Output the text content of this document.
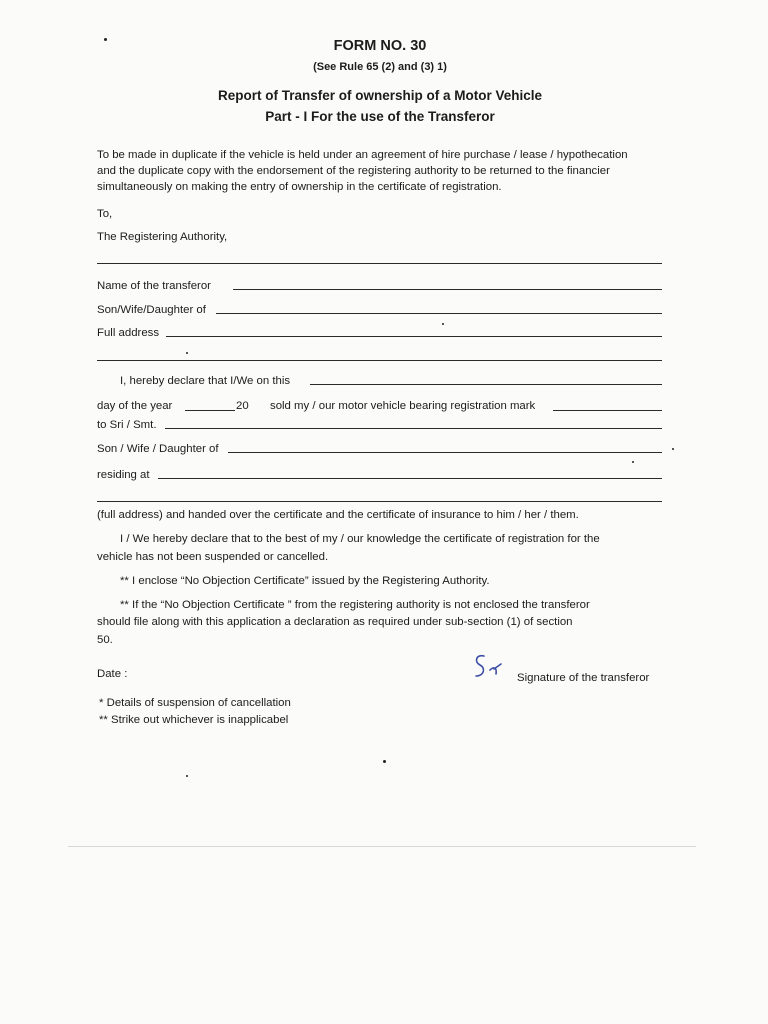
FORM NO. 30
(See Rule 65 (2) and (3) 1)
Report of Transfer of ownership of a Motor Vehicle
Part - I For the use of the Transferor
To be made in duplicate if the vehicle is held under an agreement of hire purchase / lease / hypothecation
and the duplicate copy with the endorsement of the registering authority to be returned to the financier
simultaneously on making the entry of ownership in the certificate of registration.
To,
The Registering Authority,
Name of the transferor
Son/Wife/Daughter of
Full address
I, hereby declare that I/We on this
day of the year	20 sold my / our motor vehicle bearing registration mark
to Sri / Smt.
Son / Wife / Daughter of
residing at
(full address) and handed over the certificate and the certificate of insurance to him / her / them.
I / We hereby declare that to the best of my / our knowledge the certificate of registration for the
vehicle has not been suspended or cancelled.
** I enclose “No Objection Certificate” issued by the Registering Authority.
** If the “No Objection Certificate ” from the registering authority is not enclosed the transferor
should file along with this application a declaration as required under sub-section (1) of section
50.
Date :	Signature of the transferor
* Details of suspension of cancellation
** Strike out whichever is inapplicabel
